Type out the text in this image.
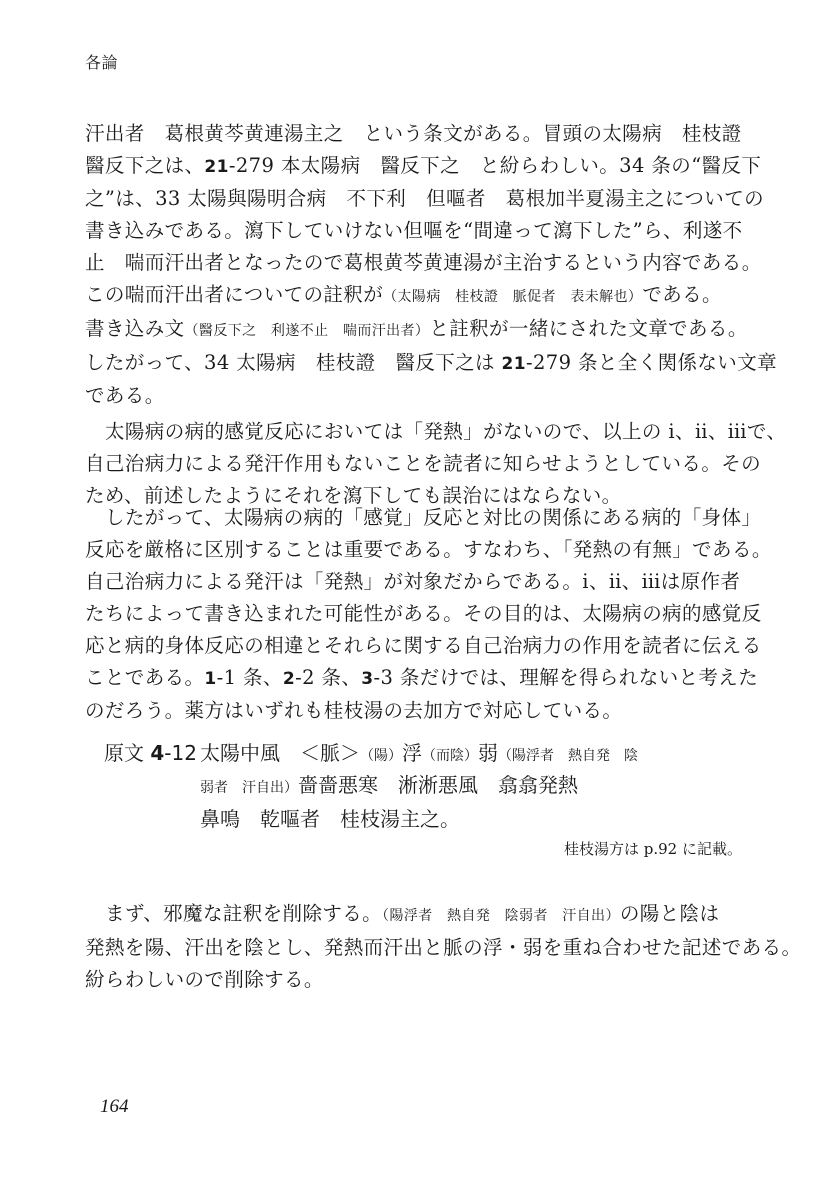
各論

汗出者　葛根黄芩黄連湯主之　という条文がある。冒頭の太陽病　桂枝證

醫反下之は、21-279 本太陽病　醫反下之　と紛らわしい。34 条の“醫反下

之”は、33 太陽與陽明合病　不下利　但嘔者　葛根加半夏湯主之についての

書き込みである。瀉下していけない但嘔を“間違って瀉下した”ら、利遂不

止　喘而汗出者となったので葛根黄芩黄連湯が主治するという内容である。

この喘而汗出者についての註釈が（太陽病　桂枝證　脈促者　表未解也）である。

書き込み文（醫反下之　利遂不止　喘而汗出者）と註釈が一緒にされた文章である。

したがって、34 太陽病　桂枝證　醫反下之は 21-279 条と全く関係ない文章

である。

太陽病の病的感覚反応においては「発熱」がないので、以上の ⅰ、ⅱ、ⅲで、

自己治病力による発汗作用もないことを読者に知らせようとしている。その

ため、前述したようにそれを瀉下しても誤治にはならない。

したがって、太陽病の病的「感覚」反応と対比の関係にある病的「身体」

反応を厳格に区別することは重要である。すなわち、「発熱の有無」である。

自己治病力による発汗は「発熱」が対象だからである。ⅰ、ⅱ、ⅲは原作者

たちによって書き込まれた可能性がある。その目的は、太陽病の病的感覚反

応と病的身体反応の相違とそれらに関する自己治病力の作用を読者に伝える

ことである。1-1 条、2-2 条、3-3 条だけでは、理解を得られないと考えた

のだろう。薬方はいずれも桂枝湯の去加方で対応している。

原文 4-12 太陽中風　＜脈＞（陽）浮（而陰）弱（陽浮者　熱自発　陰
弱者　汗自出）嗇嗇悪寒　淅淅悪風　翕翕発熱
鼻鳴　乾嘔者　桂枝湯主之。
桂枝湯方は p.92 に記載。

まず、邪魔な註釈を削除する。（陽浮者　熱自発　陰弱者　汗自出）の陽と陰は

発熱を陽、汗出を陰とし、発熱而汗出と脈の浮・弱を重ね合わせた記述である。

紛らわしいので削除する。

164
